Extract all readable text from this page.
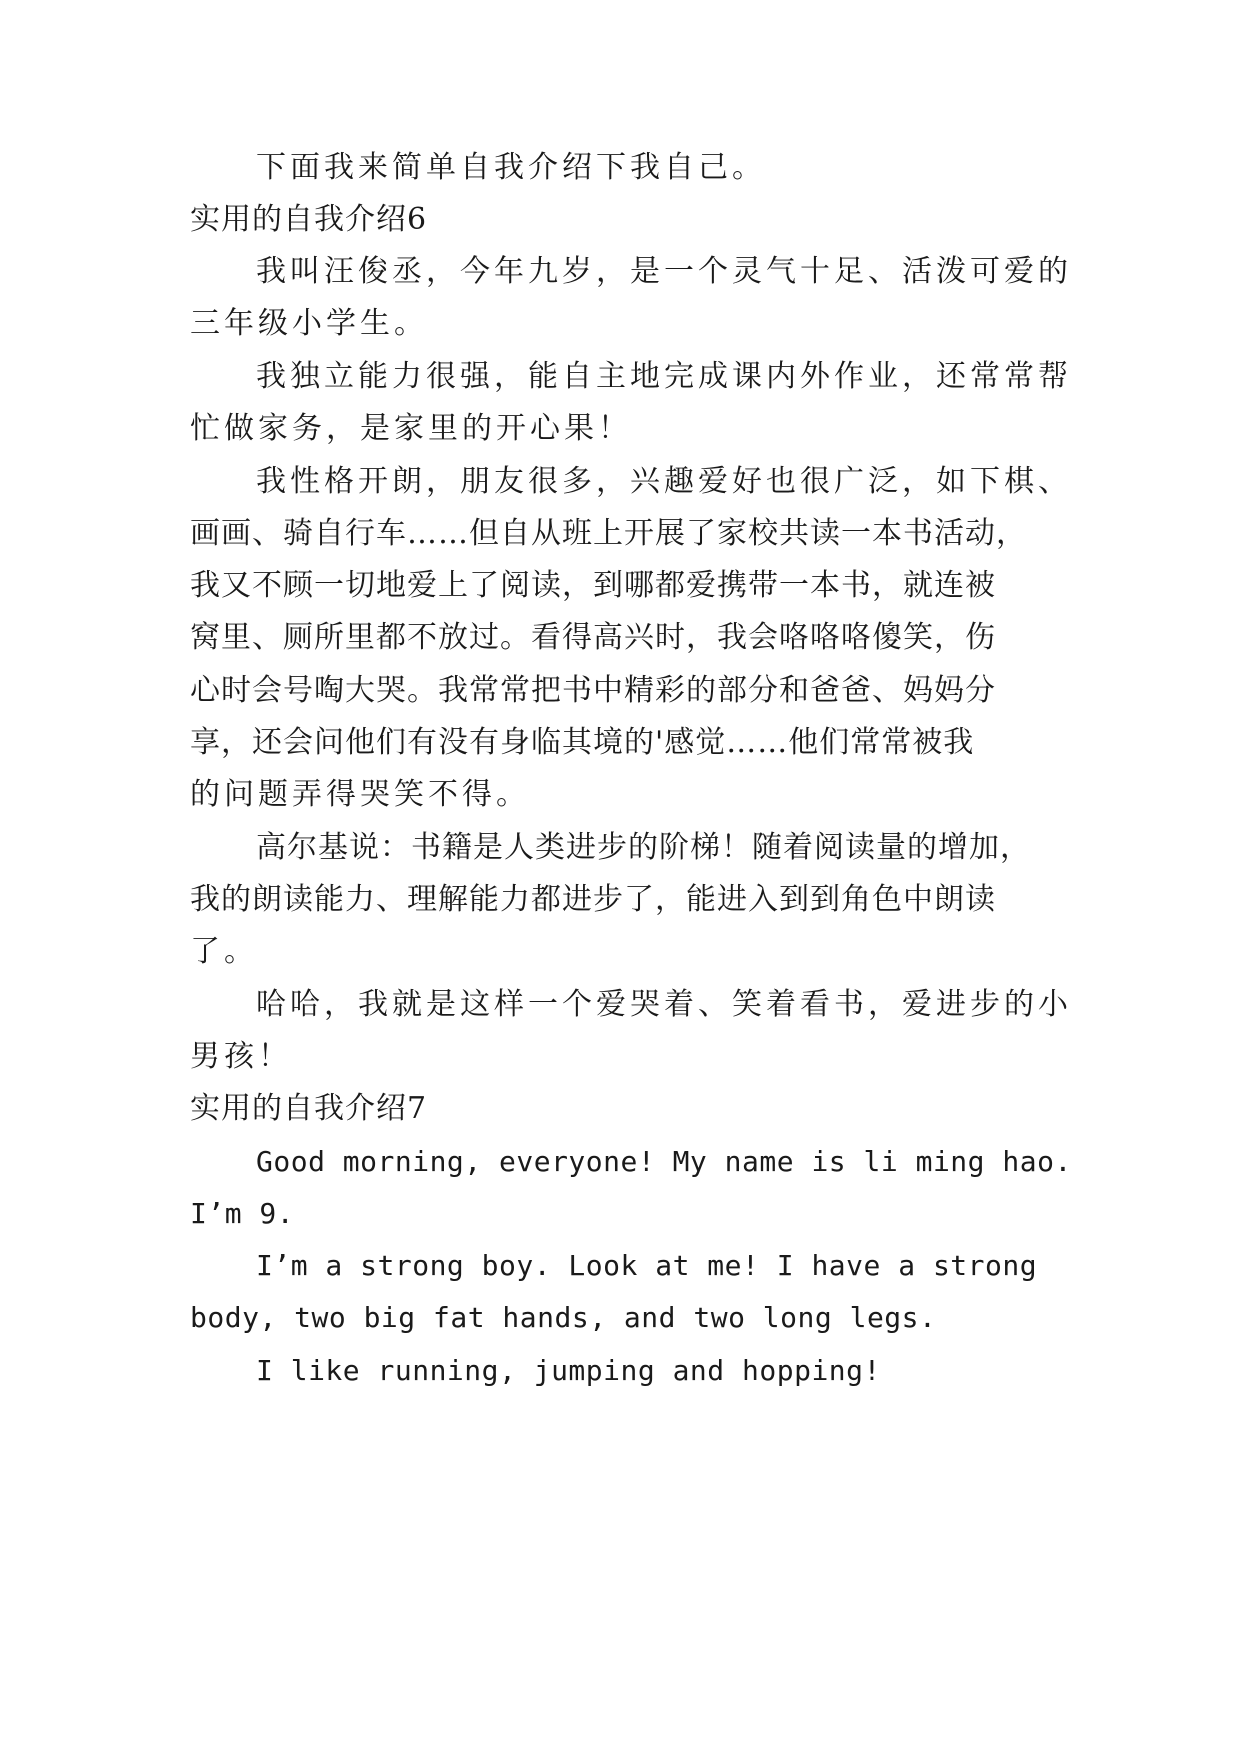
下面我来简单自我介绍下我自己。
实用的自我介绍6
我叫汪俊丞，今年九岁，是一个灵气十足、活泼可爱的
三年级小学生。
我独立能力很强，能自主地完成课内外作业，还常常帮
忙做家务，是家里的开心果！
我性格开朗，朋友很多，兴趣爱好也很广泛，如下棋、
画画、骑自行车……但自从班上开展了家校共读一本书活动，
我又不顾一切地爱上了阅读，到哪都爱携带一本书，就连被
窝里、厕所里都不放过。看得高兴时，我会咯咯咯傻笑，伤
心时会号啕大哭。我常常把书中精彩的部分和爸爸、妈妈分
享，还会问他们有没有身临其境的'感觉……他们常常被我
的问题弄得哭笑不得。
高尔基说：书籍是人类进步的阶梯！随着阅读量的增加，
我的朗读能力、理解能力都进步了，能进入到到角色中朗读
了。
哈哈，我就是这样一个爱哭着、笑着看书，爱进步的小
男孩！
实用的自我介绍7
Good morning, everyone! My name is li ming hao.
I’m 9.
I’m a strong boy. Look at me! I have a strong
body, two big fat hands, and two long legs.
I like running, jumping and hopping!
